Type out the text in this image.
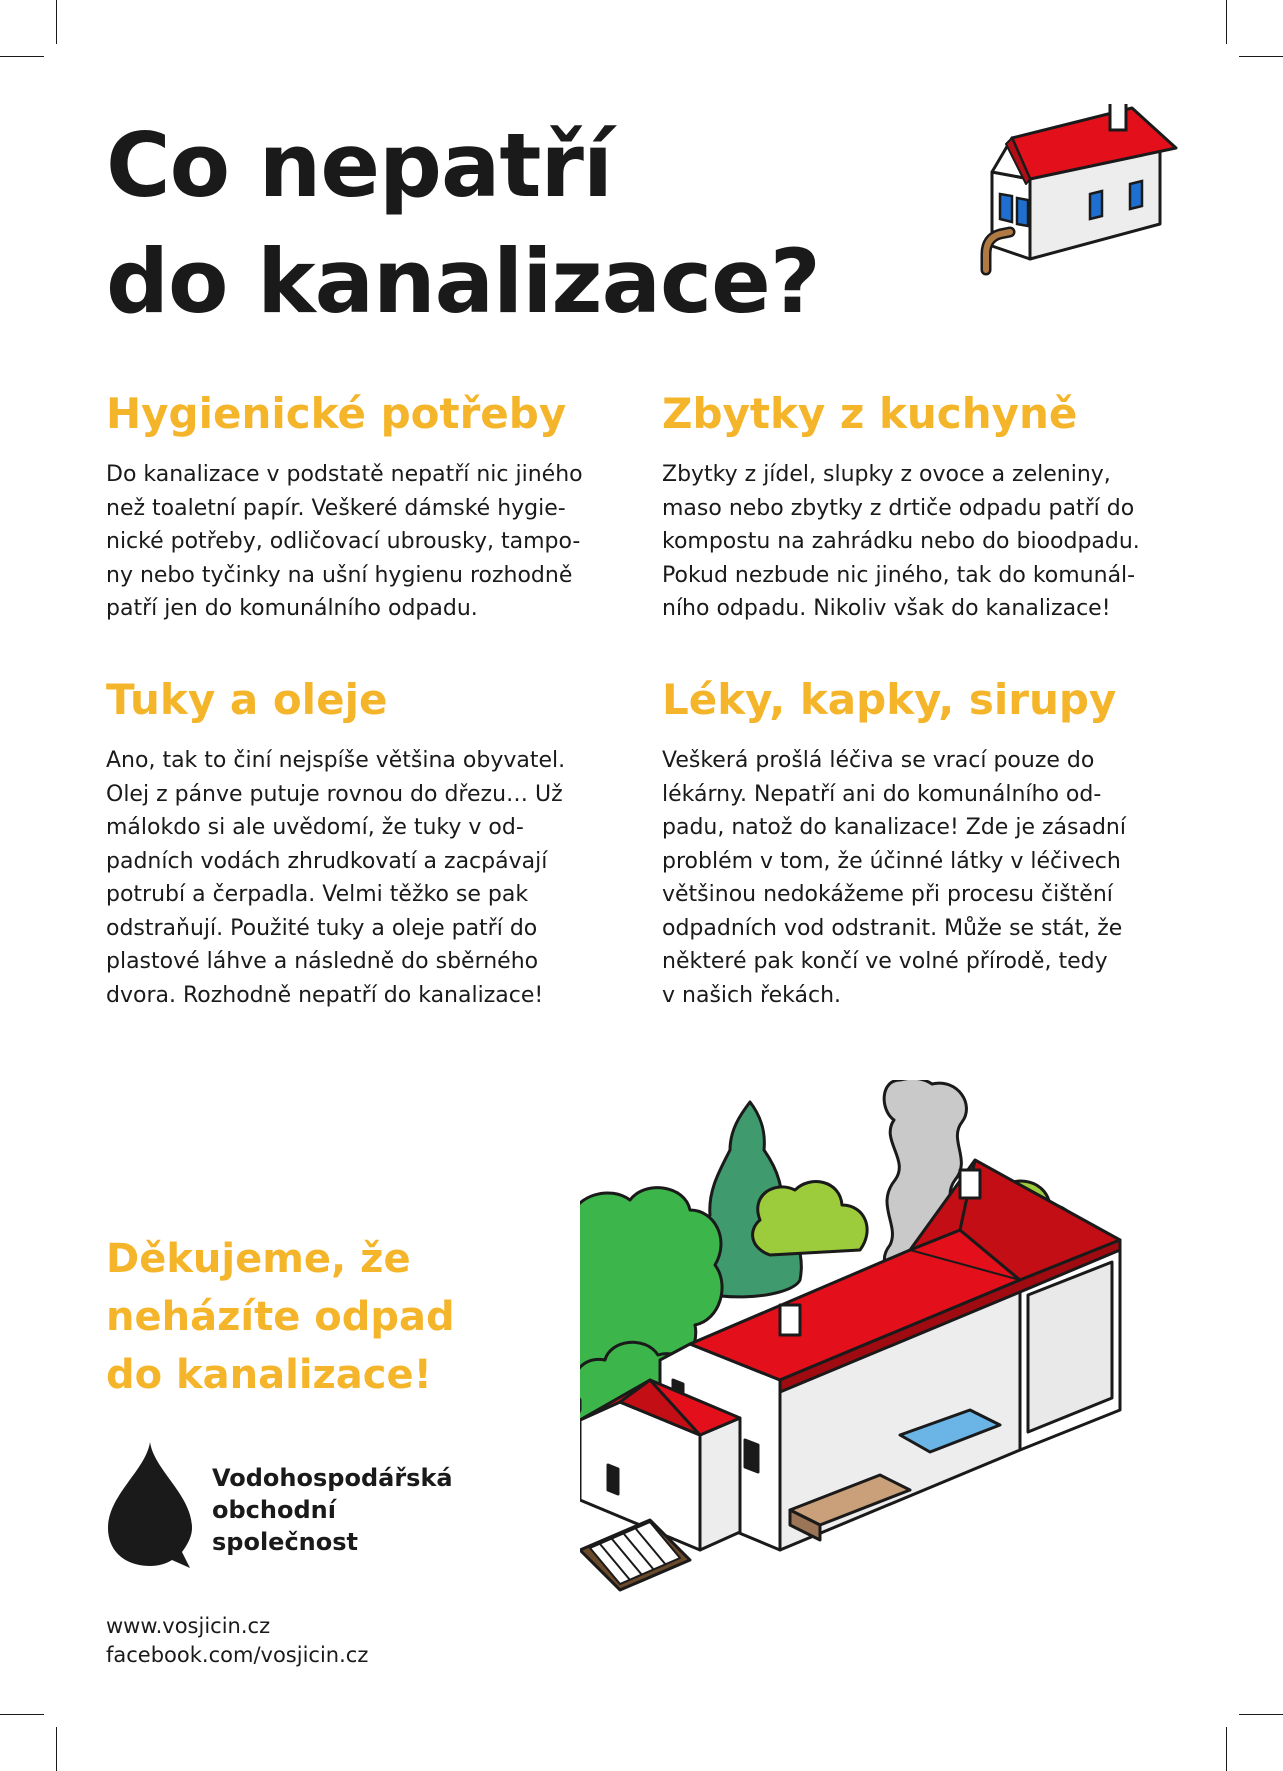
Co nepatří
do kanalizace?
Hygienické potřeby

Do kanalizace v podstatě nepatří nic jiného
než toaletní papír. Veškeré dámské hygie-
nické potřeby, odličovací ubrousky, tampo-
ny nebo tyčinky na ušní hygienu rozhodně
patří jen do komunálního odpadu.

Zbytky z kuchyně

Zbytky z jídel, slupky z ovoce a zeleniny,
maso nebo zbytky z drtiče odpadu patří do
kompostu na zahrádku nebo do bioodpadu.
Pokud nezbude nic jiného, tak do komunál-
ního odpadu. Nikoliv však do kanalizace!

Tuky a oleje

Ano, tak to činí nejspíše většina obyvatel.
Olej z pánve putuje rovnou do dřezu… Už
málokdo si ale uvědomí, že tuky v od-
padních vodách zhrudkovatí a zacpávají
potrubí a čerpadla. Velmi těžko se pak
odstraňují. Použité tuky a oleje patří do
plastové láhve a následně do sběrného
dvora. Rozhodně nepatří do kanalizace!

Léky, kapky, sirupy

Veškerá prošlá léčiva se vrací pouze do
lékárny. Nepatří ani do komunálního od-
padu, natož do kanalizace! Zde je zásadní
problém v tom, že účinné látky v léčivech
většinou nedokážeme při procesu čištění
odpadních vod odstranit. Může se stát, že
některé pak končí ve volné přírodě, tedy
v našich řekách.

Děkujeme, že
neházíte odpad
do kanalizace!
Vodohospodářská
obchodní
společnost
www.vosjicin.cz
facebook.com/vosjicin.cz
